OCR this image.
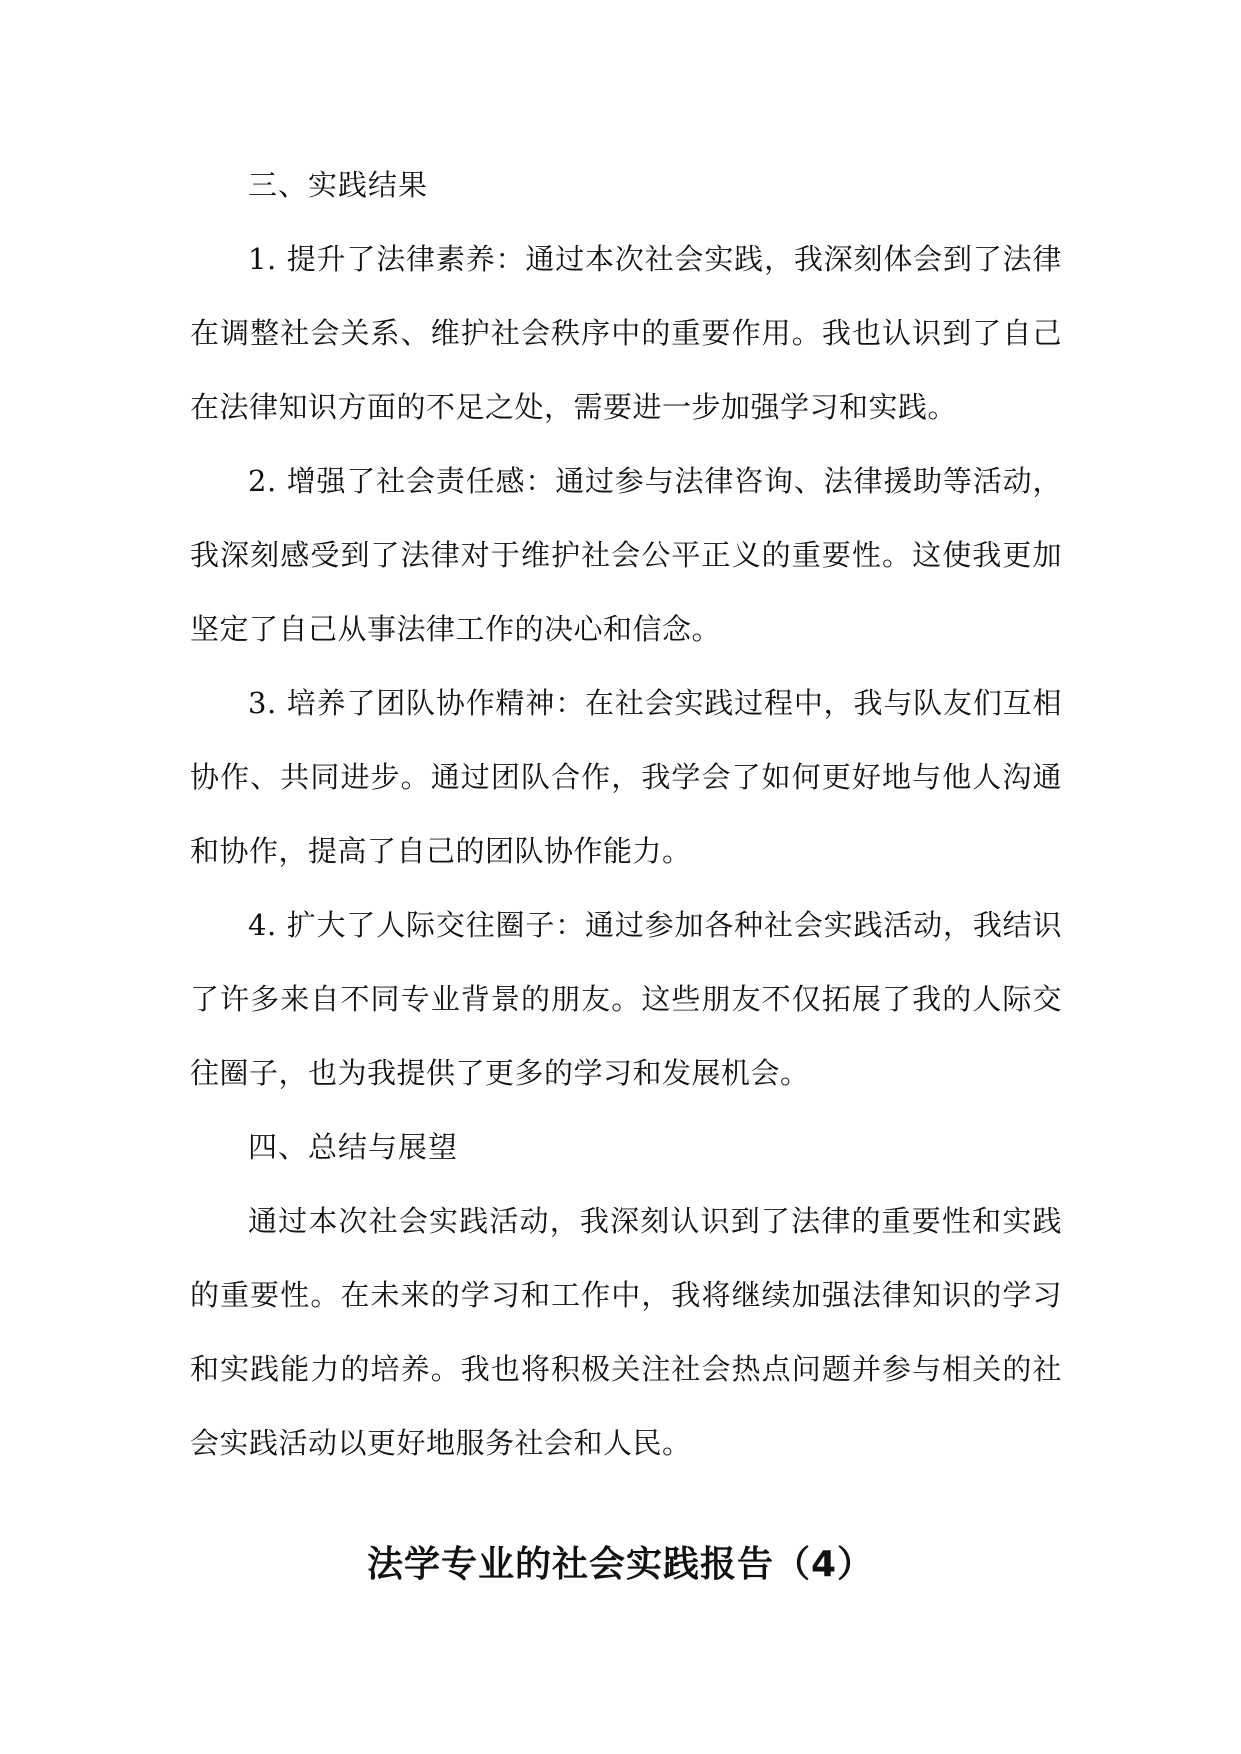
三、实践结果

1. 提升了法律素养：通过本次社会实践，我深刻体会到了法律在调整社会关系、维护社会秩序中的重要作用。我也认识到了自己在法律知识方面的不足之处，需要进一步加强学习和实践。

2. 增强了社会责任感：通过参与法律咨询、法律援助等活动，我深刻感受到了法律对于维护社会公平正义的重要性。这使我更加坚定了自己从事法律工作的决心和信念。

3. 培养了团队协作精神：在社会实践过程中，我与队友们互相协作、共同进步。通过团队合作，我学会了如何更好地与他人沟通和协作，提高了自己的团队协作能力。

4. 扩大了人际交往圈子：通过参加各种社会实践活动，我结识了许多来自不同专业背景的朋友。这些朋友不仅拓展了我的人际交往圈子，也为我提供了更多的学习和发展机会。

四、总结与展望

通过本次社会实践活动，我深刻认识到了法律的重要性和实践的重要性。在未来的学习和工作中，我将继续加强法律知识的学习和实践能力的培养。我也将积极关注社会热点问题并参与相关的社会实践活动以更好地服务社会和人民。

法学专业的社会实践报告（4）
